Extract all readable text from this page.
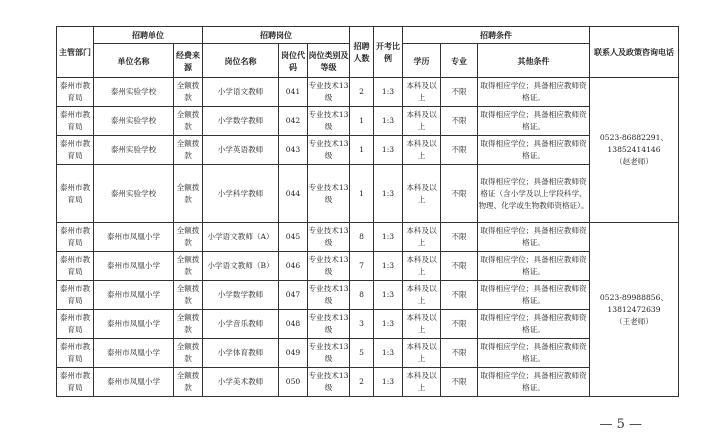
主管部门	招聘单位		招聘岗位			招聘人数	开考比例	招聘条件			联系人及政策咨询电话
	单位名称	经费来源	岗位名称	岗位代码	岗位类别及等级			学历	专业	其他条件	
泰州市教育局	泰州实验学校	全额拨款	小学语文教师	041	专业技术13级	2	1:3	本科及以上	不限	取得相应学位；具备相应教师资格证。	0523-86882291、
13852414146
（赵老师）

泰州市教育局	泰州实验学校	全额拨款	小学数学教师	042	专业技术13级	1	1:3	本科及以上	不限	取得相应学位；具备相应教师资格证。	
泰州市教育局	泰州实验学校	全额拨款	小学英语教师	043	专业技术13级	1	1:3	本科及以上	不限	取得相应学位；具备相应教师资格证。	
泰州市教育局	泰州实验学校	全额拨款	小学科学教师	044	专业技术13级	1	1:3	本科及以上	不限	取得相应学位；具备相应教师资格证（含小学及以上学段科学、物理、化学或生物教师资格证）。	
泰州市教育局	泰州市凤凰小学	全额拨款	小学语文教师（A）	045	专业技术13级	8	1:3	本科及以上	不限	取得相应学位；具备相应教师资格证。	0523-89988856、
13812472639
（王老师）

泰州市教育局	泰州市凤凰小学	全额拨款	小学语文教师（B）	046	专业技术13级	7	1:3	本科及以上	不限	取得相应学位；具备相应教师资格证。	
泰州市教育局	泰州市凤凰小学	全额拨款	小学数学教师	047	专业技术13级	8	1:3	本科及以上	不限	取得相应学位；具备相应教师资格证。	
泰州市教育局	泰州市凤凰小学	全额拨款	小学音乐教师	048	专业技术13级	3	1:3	本科及以上	不限	取得相应学位；具备相应教师资格证。	
泰州市教育局	泰州市凤凰小学	全额拨款	小学体育教师	049	专业技术13级	5	1:3	本科及以上	不限	取得相应学位；具备相应教师资格证。	
泰州市教育局	泰州市凤凰小学	全额拨款	小学美术教师	050	专业技术13级	2	1:3	本科及以上	不限	取得相应学位；具备相应教师资格证。	
— 5 —
